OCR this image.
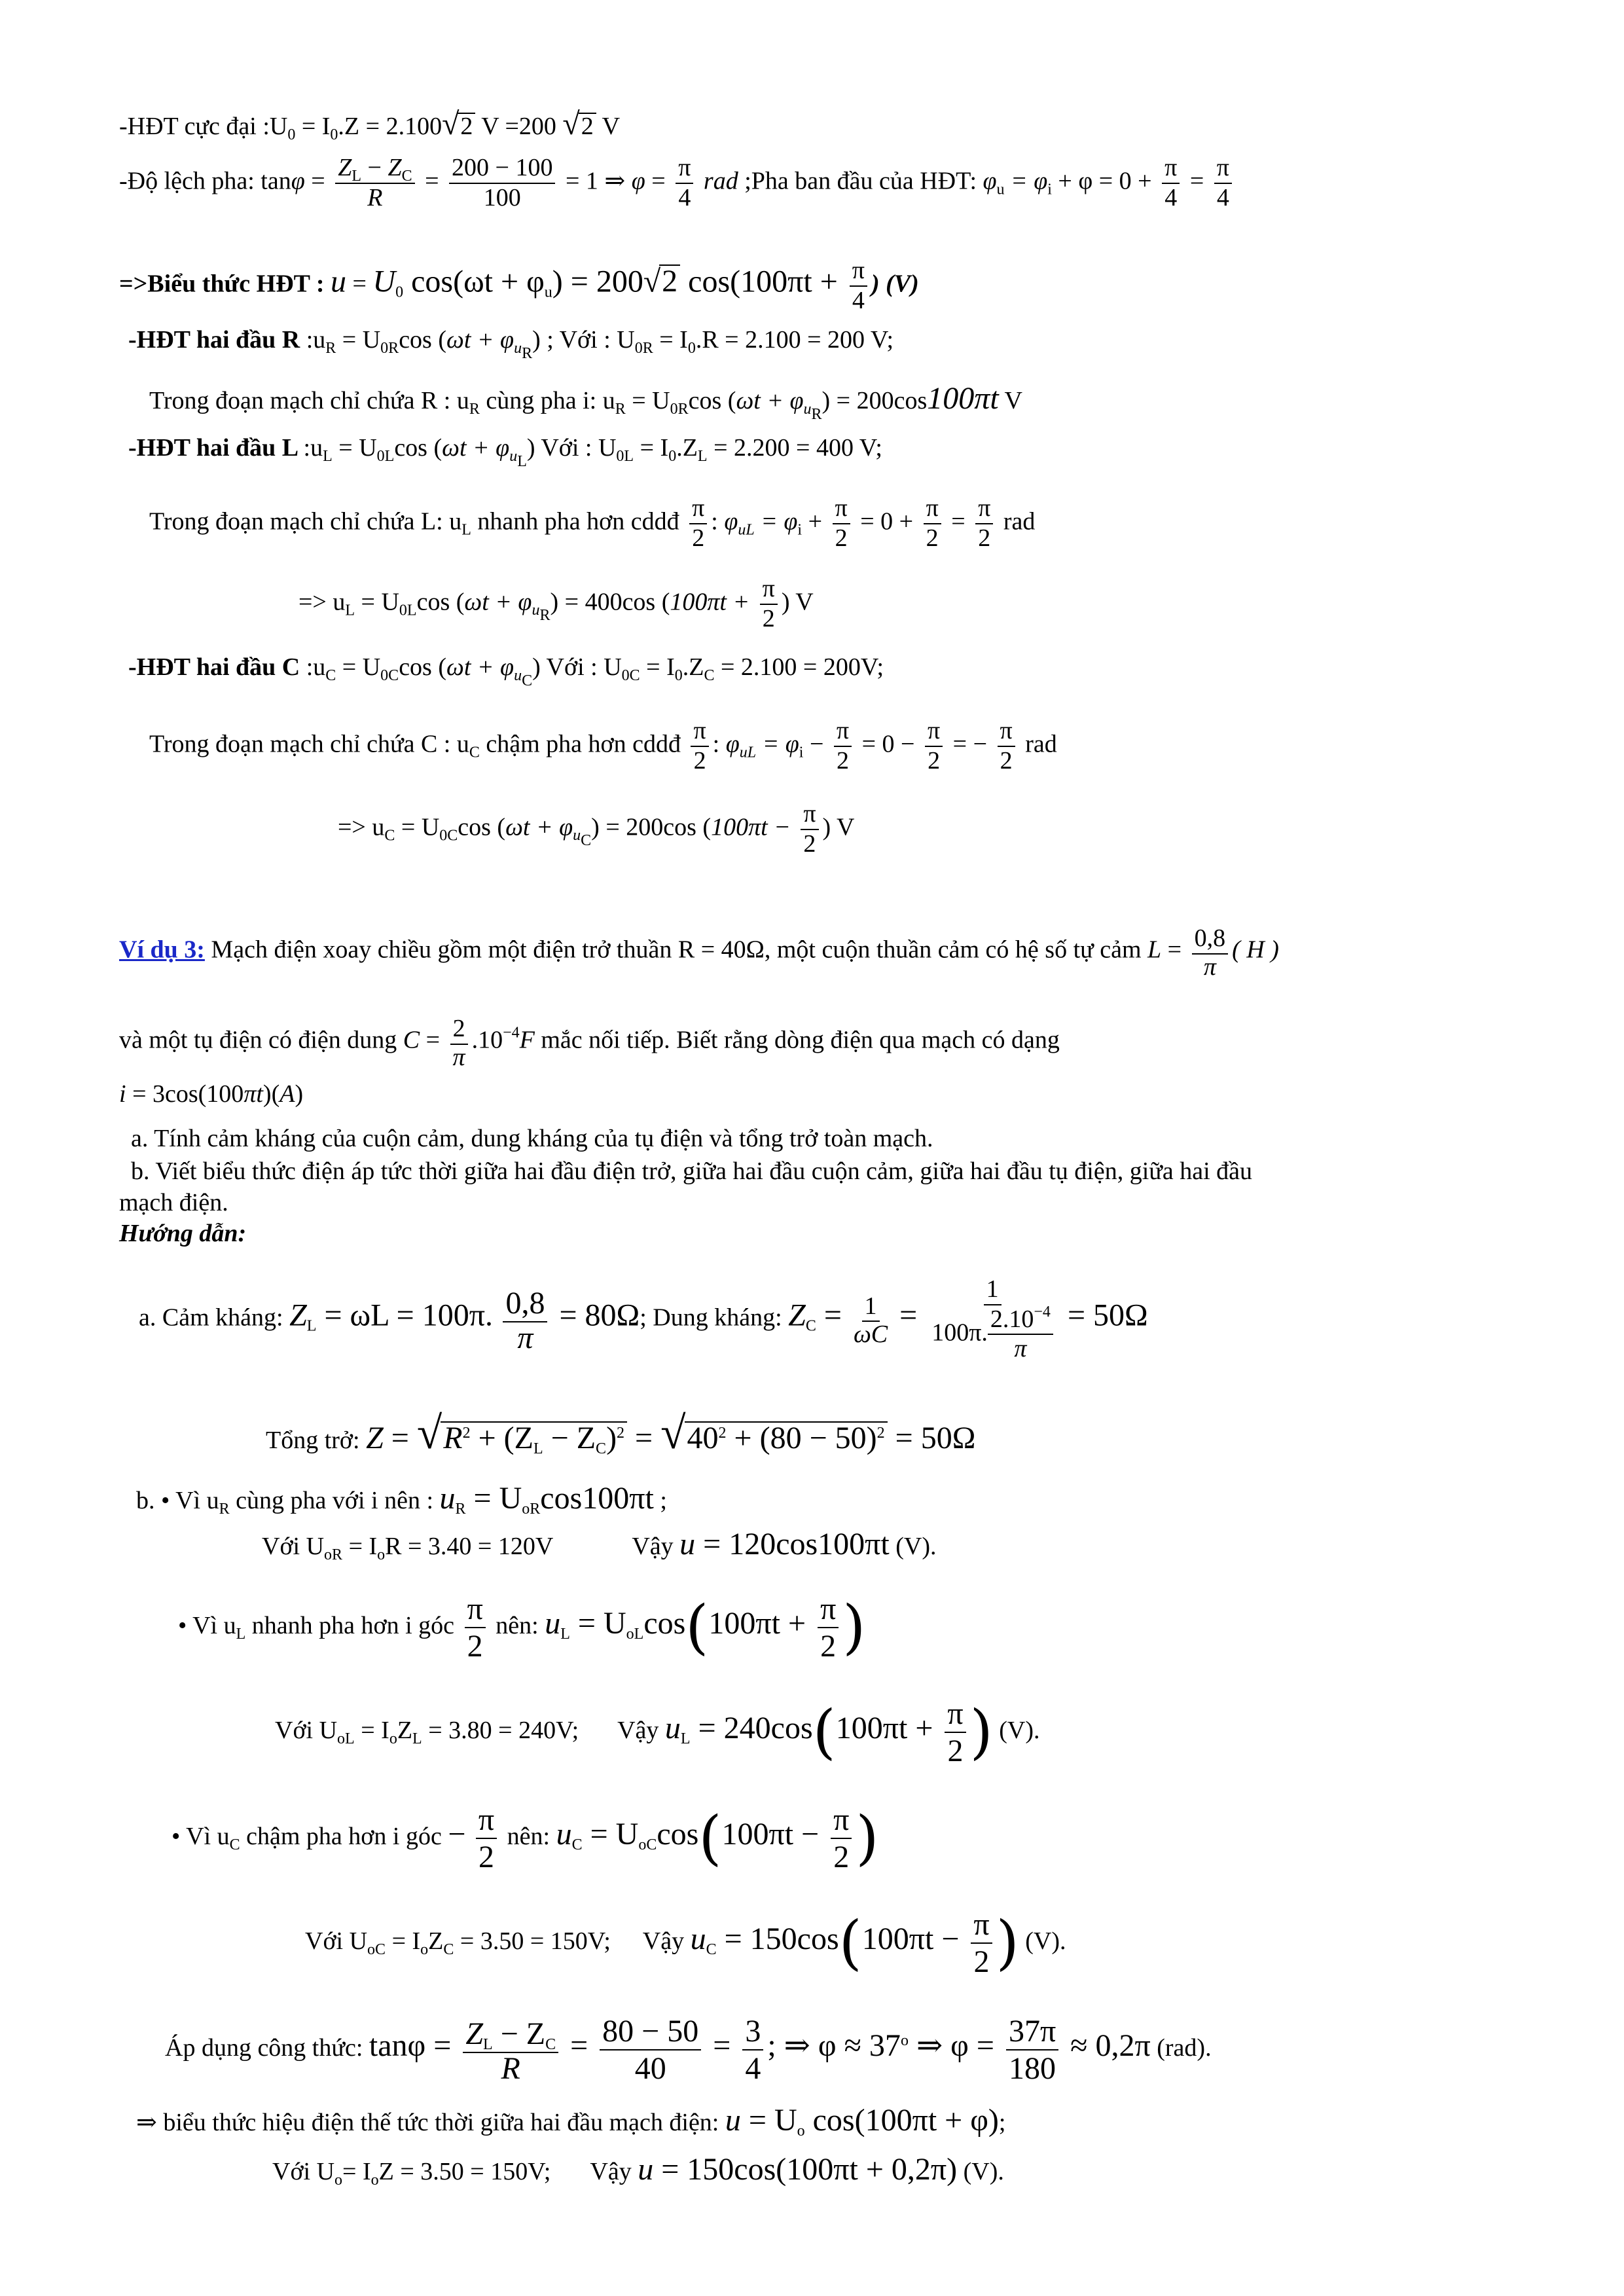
-HĐT cực đại $:U_0 = I_0.Z = 2.100√2$ V =200 √2 V
-Độ lệch pha: $\tan\varphi = \frac{Z_L - Z_C}{R} = \frac{200 - 100}{100} = 1$ ⇒ $\varphi = \frac{\pi}{4}$ rad ;Pha ban đầu của HĐT: $\varphi_u = \varphi_i + \varphi = 0 + \frac{\pi}{4} = \frac{\pi}{4}$
=>Biểu thức HĐT : $u = U_0$ $\cos(\omega t + \varphi_u) = 200√2$ $\cos(100\pi t + \frac{\pi}{4}$ ) (V)
-HĐT hai đầu R $:u_R = U_{0R}\cos$ $(\omega t + \varphi_{u_R})$ ; Với : $U_{0R} = I_0.R = 2.100 = 200$ V;
Trong đoạn mạch chỉ chứa R : $u_R$ cùng pha i: $u_R = U_{0R}\cos$ $(\omega t + \varphi_{u_R}) = 200\cos 100\pi t$ V
-HĐT hai đầu L $:u_L = U_{0L}\cos$ $(\omega t + \varphi_{u_L})$ Với : $U_{0L} = I_0.Z_L = 2.200 = 400$ V;
Trong đoạn mạch chỉ chứa L: $u_L$ nhanh pha hơn cddđ $\frac{\pi}{2}$ : $\varphi_{uL} = \varphi_i + \frac{\pi}{2} = 0 + \frac{\pi}{2} = \frac{\pi}{2}$ rad
=> $u_L = U_{0L}\cos$ $(\omega t + \varphi_{u_R}) = 400\cos$ ($100\pi t + \frac{\pi}{2}$ ) V
-HĐT hai đầu C $:u_C = U_{0C}\cos$ $(\omega t + \varphi_{u_C})$ Với : $U_{0C} = I_0.Z_C = 2.100 = 200V$;
Trong đoạn mạch chỉ chứa C : $u_C$ chậm pha hơn cddđ $\frac{\pi}{2}$ : $\varphi_{uL} = \varphi_i - \frac{\pi}{2} = 0 - \frac{\pi}{2}$ = − $\frac{\pi}{2}$ rad
=> $u_C = U_{0C}\cos$ $(\omega t + \varphi_{u_C}) = 200\cos$ ($100\pi t - \frac{\pi}{2}$ ) V
Ví dụ 3: Mạch điện xoay chiều gồm một điện trở thuần R = 40Ω, một cuộn thuần cảm có hệ số tự cảm $L = \frac{0,8}{\pi}$ ( H )
và một tụ điện có điện dung $C = \frac{2}{\pi} .10^{-4}F$ mắc nối tiếp. Biết rằng dòng điện qua mạch có dạng
i = 3cos(100πt)(A)
a. Tính cảm kháng của cuộn cảm, dung kháng của tụ điện và tổng trở toàn mạch.
b. Viết biểu thức điện áp tức thời giữa hai đầu điện trở, giữa hai đầu cuộn cảm, giữa hai đầu tụ điện, giữa hai đầu
mạch điện.
Hướng dẫn:
a. Cảm kháng: $Z_L = \omega L = 100\pi$. $\frac{0,8}{\pi} = 80\Omega$; Dung kháng: $Z_C = \frac{1}{\omega C} = \frac{1}{100\pi. \frac{2.10^{-4}}{\pi}} = 50\Omega$
Tổng trở: $Z = √R^2 + (Z_L - Z_C)^2 = √40^2 + (80 - 50)^2 = 50\Omega$
b. • Vì $u_R$ cùng pha với i nên : $u_R = U_{oR}\cos 100\pi t$ ;
Với $U_{oR} = I_oR = 3.40 = 120V$	Vậy u = 120cos100πt (V).
• Vì $u_L$ nhanh pha hơn i góc $\frac{\pi}{2}$ nên: $u_L = U_{oL}\cos(100\pi t + \frac{\pi}{2}$ )
Với $U_{oL} = I_oZ_L = 3.80 = 240V$; Vậy $u_L = 240\cos(100\pi t + \frac{\pi}{2}$ ) (V).
• Vì $u_C$ chậm pha hơn i góc − $\frac{\pi}{2}$ nên: $u_C = U_{oC}\cos(100\pi t - \frac{\pi}{2}$ )
Với $U_{oC} = I_oZ_C = 3.50 = 150V$; Vậy $u_C = 150\cos(100\pi t - \frac{\pi}{2}$ ) (V).
Áp dụng công thức: $\tan\varphi = \frac{Z_L - Z_C}{R} = \frac{80 - 50}{40} = \frac{3}{4}$ ; ⇒ $\varphi \approx 37^o$ ⇒ $\varphi = \frac{37\pi}{180} \approx 0,2\pi$ (rad).
⇒ biểu thức hiệu điện thế tức thời giữa hai đầu mạch điện: $u = U_o$ cos(100πt + φ);
Với $U_o= I_oZ = 3.50 = 150V$; Vậy u = 150cos(100πt + 0,2π) (V).
